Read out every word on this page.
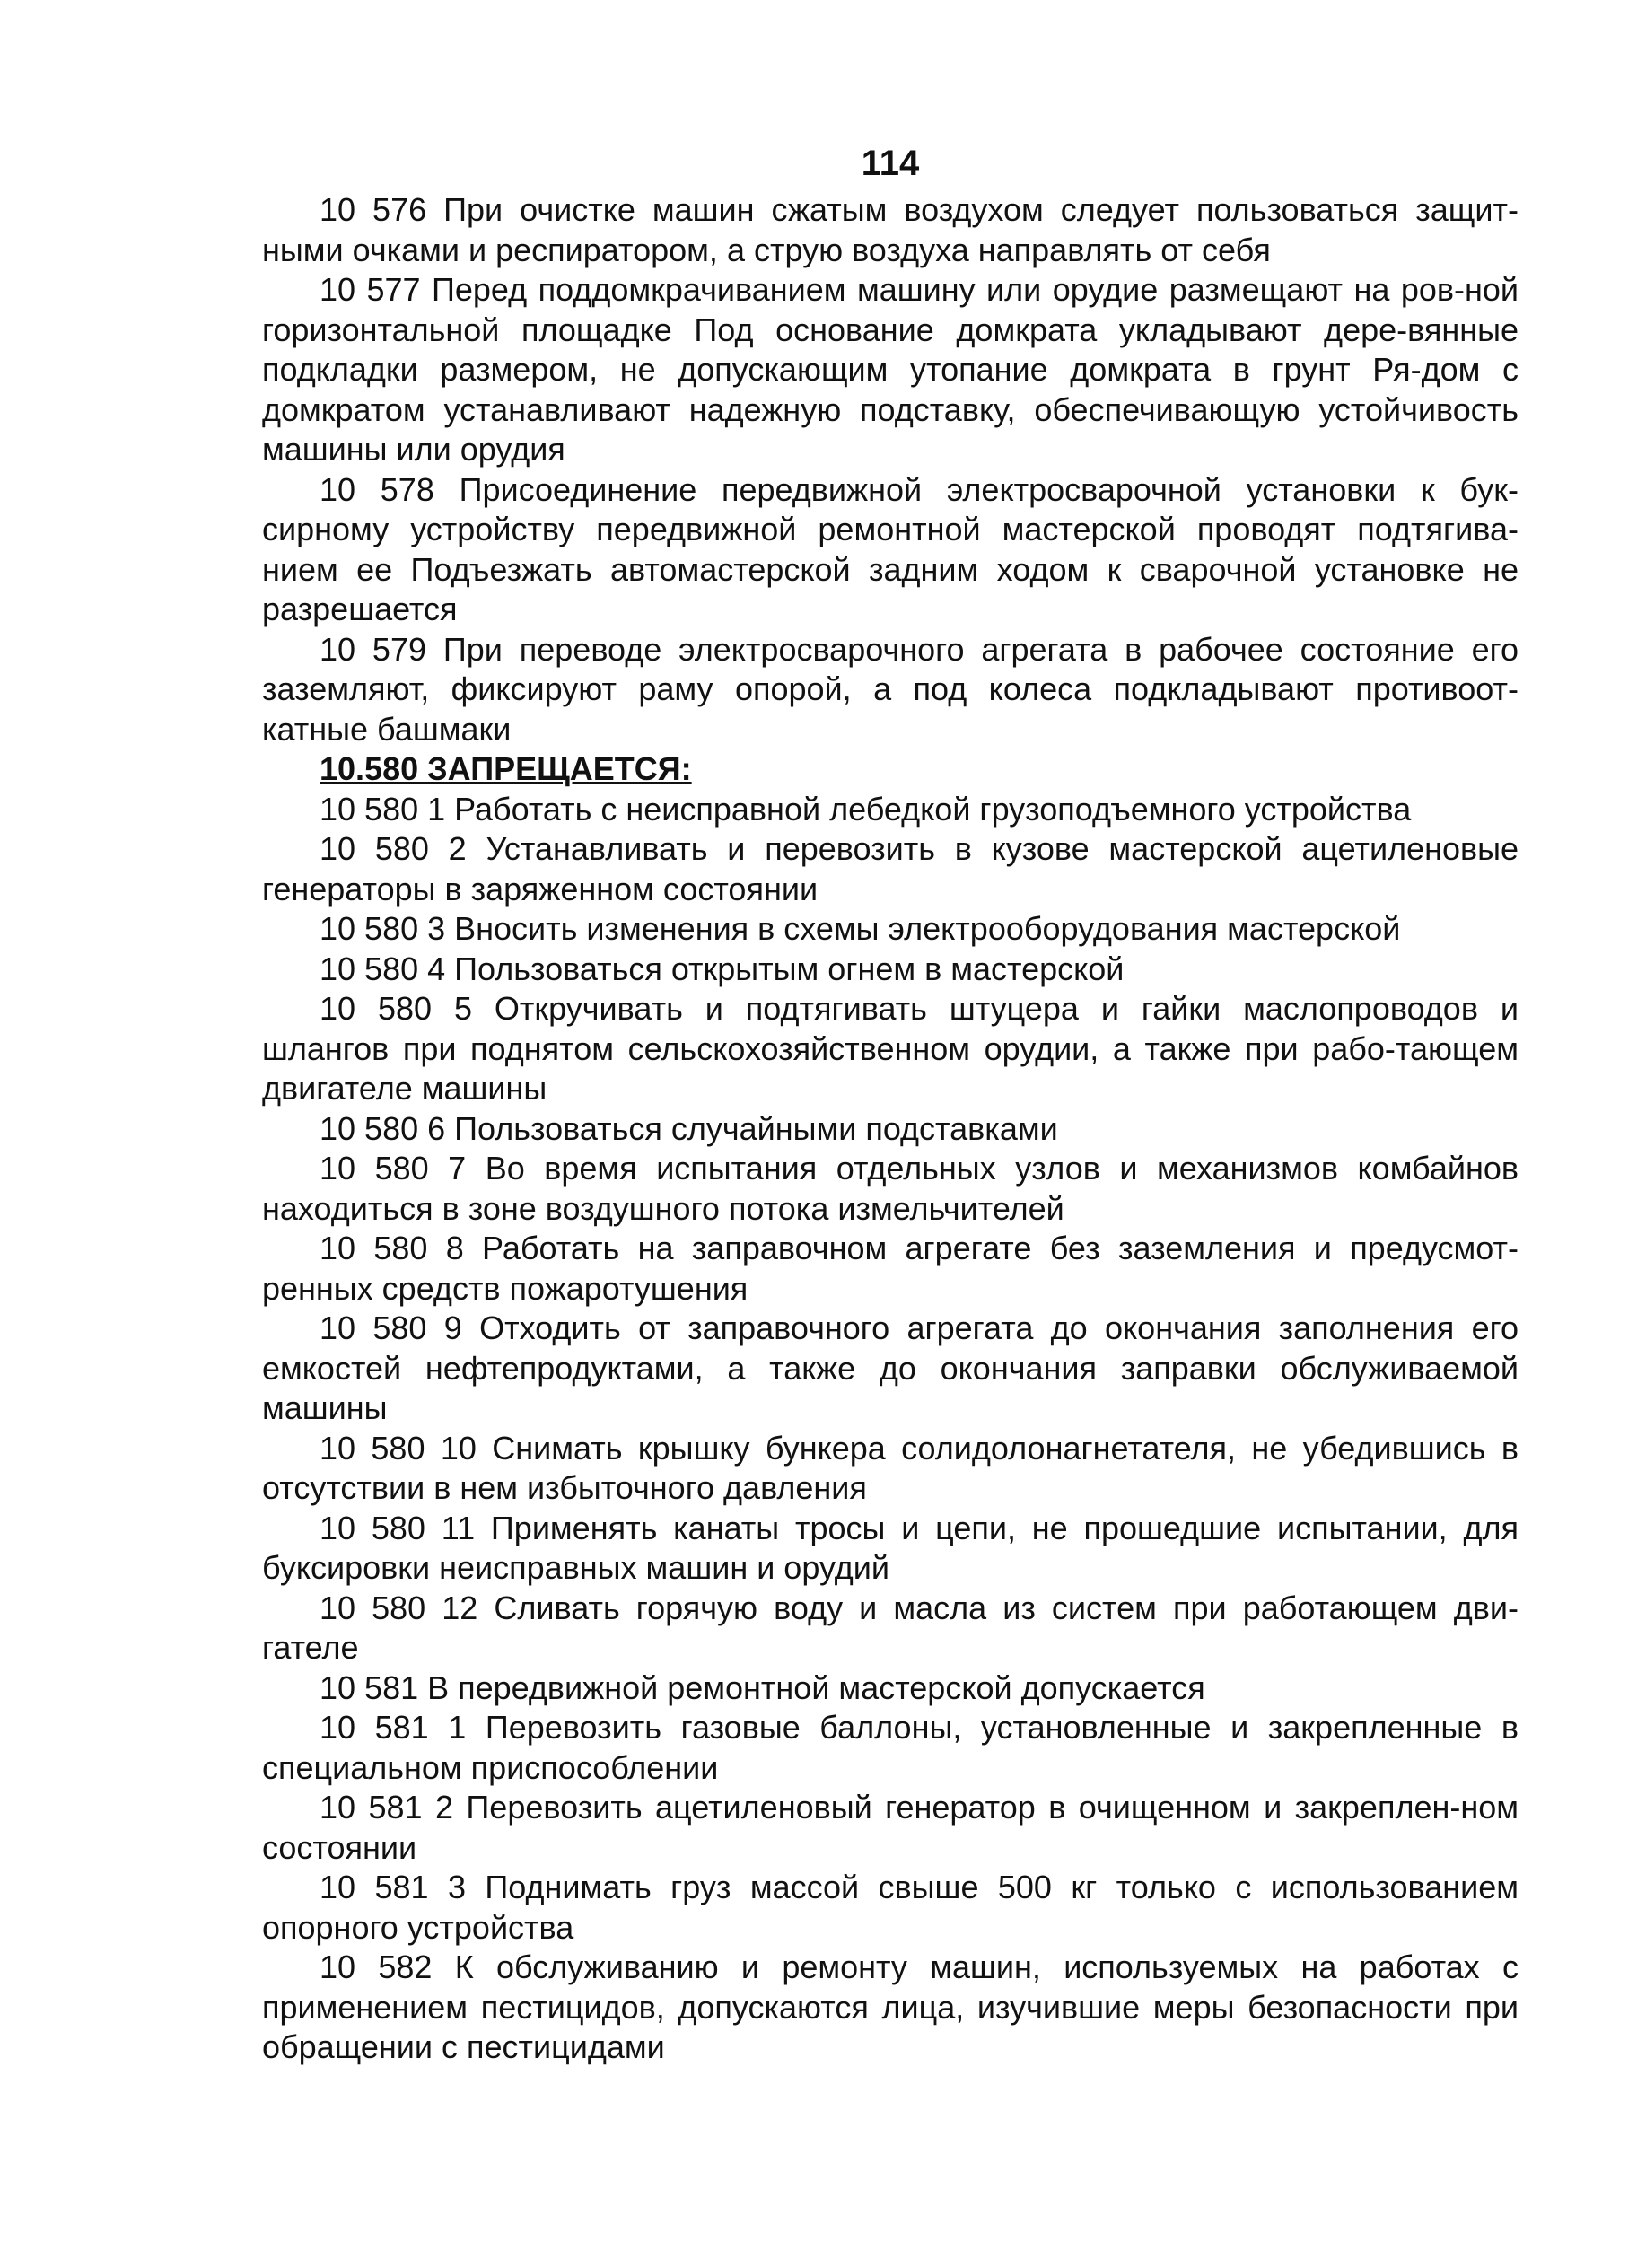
114

10 576 При очистке машин сжатым воздухом следует пользоваться защит-ными очками и респиратором, а струю воздуха направлять от себя

10 577 Перед поддомкрачиванием машину или орудие размещают на ров-ной горизонтальной площадке Под основание домкрата укладывают дере-вянные подкладки размером, не допускающим утопание домкрата в грунт Ря-дом с домкратом устанавливают надежную подставку, обеспечивающую устойчивость машины или орудия

10 578 Присоединение передвижной электросварочной установки к бук-сирному устройству передвижной ремонтной мастерской проводят подтягива-нием ее Подъезжать автомастерской задним ходом к сварочной установке не разрешается

10 579 При переводе электросварочного агрегата в рабочее состояние его заземляют, фиксируют раму опорой, а под колеса подкладывают противоот-катные башмаки

10.580 ЗАПРЕЩАЕТСЯ:

10 580 1 Работать с неисправной лебедкой грузоподъемного устройства

10 580 2 Устанавливать и перевозить в кузове мастерской ацетиленовые генераторы в заряженном состоянии

10 580 3 Вносить изменения в схемы электрооборудования мастерской

10 580 4 Пользоваться открытым огнем в мастерской

10 580 5 Откручивать и подтягивать штуцера и гайки маслопроводов и шлангов при поднятом сельскохозяйственном орудии, а также при рабо-тающем двигателе машины

10 580 6 Пользоваться случайными подставками

10 580 7 Во время испытания отдельных узлов и механизмов комбайнов находиться в зоне воздушного потока измельчителей

10 580 8 Работать на заправочном агрегате без заземления и предусмот-ренных средств пожаротушения

10 580 9 Отходить от заправочного агрегата до окончания заполнения его емкостей нефтепродуктами, а также до окончания заправки обслуживаемой машины

10 580 10 Снимать крышку бункера солидолонагнетателя, не убедившись в отсутствии в нем избыточного давления

10 580 11 Применять канаты тросы и цепи, не прошедшие испытании, для буксировки неисправных машин и орудий

10 580 12 Сливать горячую воду и масла из систем при работающем дви-гателе

10 581 В передвижной ремонтной мастерской допускается

10 581 1 Перевозить газовые баллоны, установленные и закрепленные в специальном приспособлении

10 581 2 Перевозить ацетиленовый генератор в очищенном и закреплен-ном состоянии

10 581 3 Поднимать груз массой свыше 500 кг только с использованием опорного устройства

10 582 К обслуживанию и ремонту машин, используемых на работах с применением пестицидов, допускаются лица, изучившие меры безопасности при обращении с пестицидами
